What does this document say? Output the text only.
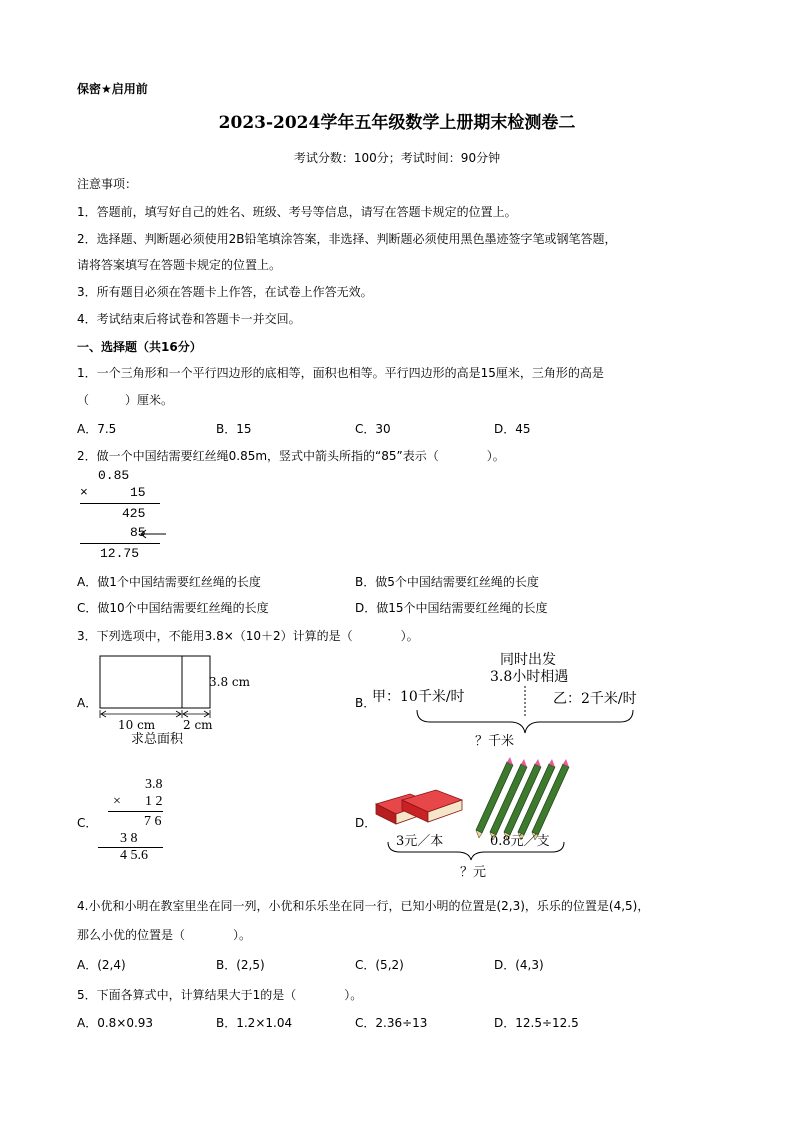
保密★启用前
2023-2024学年五年级数学上册期末检测卷二
考试分数：100分；考试时间：90分钟
注意事项：
1．答题前，填写好自己的姓名、班级、考号等信息，请写在答题卡规定的位置上。
2．选择题、判断题必须使用2B铅笔填涂答案，非选择、判断题必须使用黑色墨迹签字笔或钢笔答题，
请将答案填写在答题卡规定的位置上。
3．所有题目必须在答题卡上作答，在试卷上作答无效。
4．考试结束后将试卷和答题卡一并交回。
一、选择题（共16分）
1．一个三角形和一个平行四边形的底相等，面积也相等。平行四边形的高是15厘米，三角形的高是
（　　　）厘米。
A．7.5	B．15	C．30	D．45
2．做一个中国结需要红丝绳0.85m，竖式中箭头所指的“85”表示（　　　　）。
0.85
×	15
425
85
12.75
A．做1个中国结需要红丝绳的长度	B．做5个中国结需要红丝绳的长度
C．做10个中国结需要红丝绳的长度	D．做15个中国结需要红丝绳的长度
3．下列选项中，不能用3.8×（10＋2）计算的是（　　　　）。
A．
3.8 cm
10 cm 2 cm
求总面积
B．
同时出发
3.8小时相遇
甲：10千米/时	乙：2千米/时
？千米
C．
3.8
× 1 2
7 6
3 8
4 5.6
D．
3元／本	0.8元／支
？元
4.小优和小明在教室里坐在同一列，小优和乐乐坐在同一行，已知小明的位置是(2,3)，乐乐的位置是(4,5)，
那么小优的位置是（　　　　）。
A．(2,4)	B．(2,5)	C．(5,2)	D．(4,3)
5．下面各算式中，计算结果大于1的是（　　　　）。
A．0.8×0.93	B．1.2×1.04	C．2.36÷13	D．12.5÷12.5
